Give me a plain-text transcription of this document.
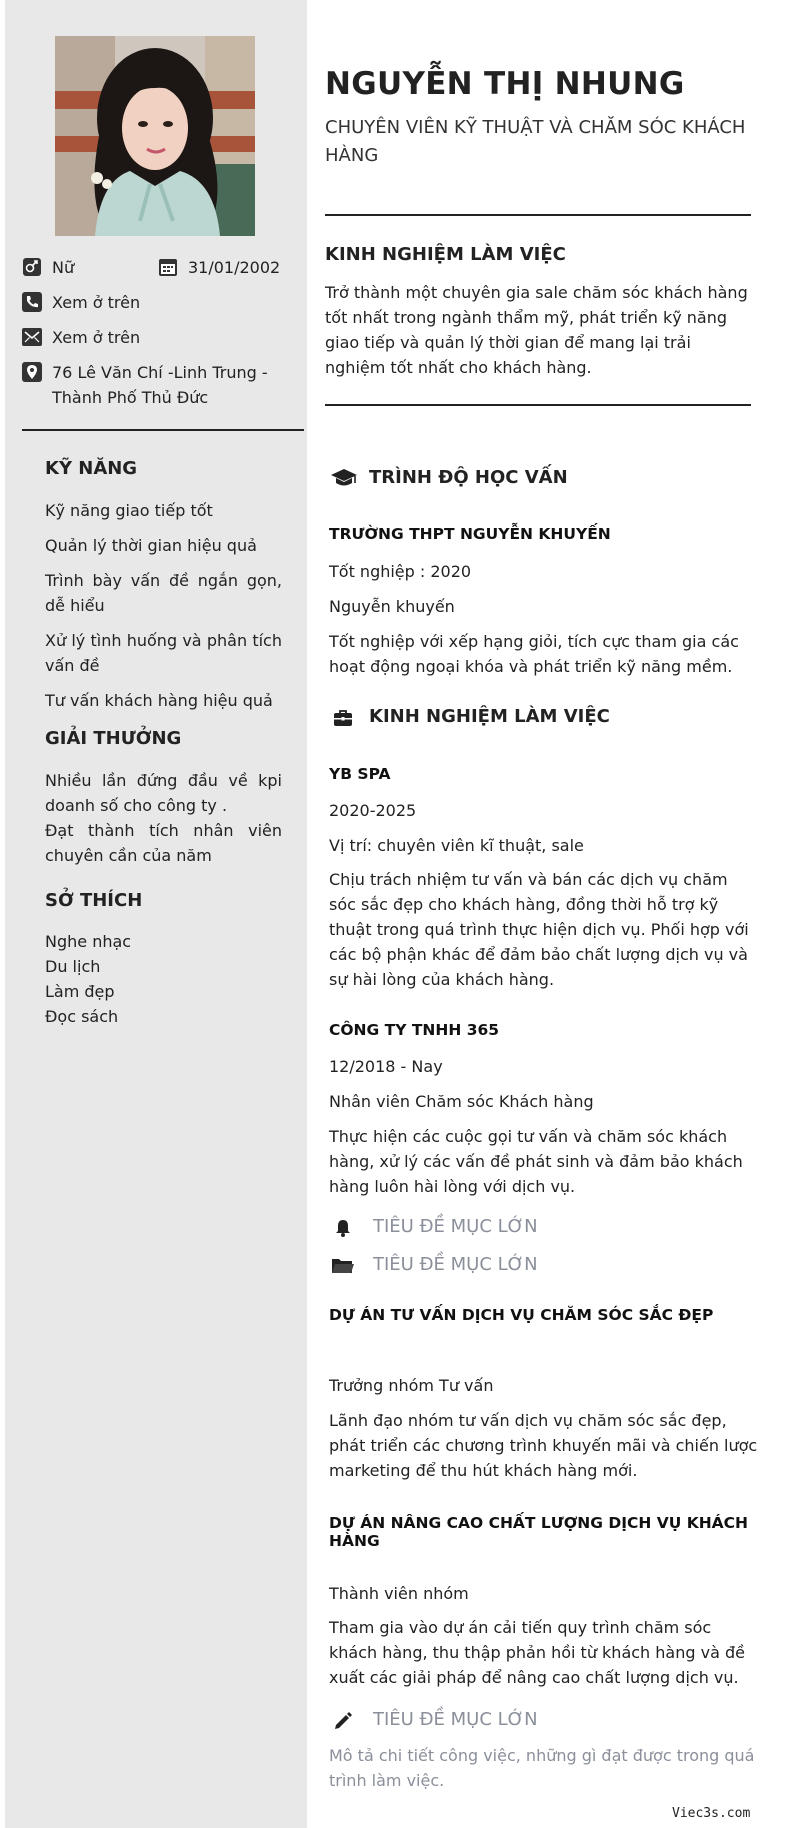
Nữ	31/01/2002
Xem ở trên
Xem ở trên
76 Lê Văn Chí -Linh Trung - Thành Phố Thủ Đức
KỸ NĂNG
Kỹ năng giao tiếp tốt
Quản lý thời gian hiệu quả
Trình bày vấn đề ngắn gọn, dễ hiểu
Xử lý tình huống và phân tích vấn đề
Tư vấn khách hàng hiệu quả
GIẢI THƯỞNG
Nhiều lần đứng đầu về kpi doanh số cho công ty .
Đạt thành tích nhân viên chuyên cần của năm
SỞ THÍCH
Nghe nhạc
Du lịch
Làm đẹp
Đọc sách
NGUYỄN THỊ NHUNG
CHUYÊN VIÊN KỸ THUẬT VÀ CHĂM SÓC KHÁCH HÀNG
KINH NGHIỆM LÀM VIỆC
Trở thành một chuyên gia sale chăm sóc khách hàng tốt nhất trong ngành thẩm mỹ, phát triển kỹ năng giao tiếp và quản lý thời gian để mang lại trải nghiệm tốt nhất cho khách hàng.
TRÌNH ĐỘ HỌC VẤN
TRƯỜNG THPT NGUYỄN KHUYẾN
Tốt nghiệp : 2020
Nguyễn khuyến
Tốt nghiệp với xếp hạng giỏi, tích cực tham gia các hoạt động ngoại khóa và phát triển kỹ năng mềm.
KINH NGHIỆM LÀM VIỆC
YB SPA
2020-2025
Vị trí: chuyên viên kĩ thuật, sale
Chịu trách nhiệm tư vấn và bán các dịch vụ chăm sóc sắc đẹp cho khách hàng, đồng thời hỗ trợ kỹ thuật trong quá trình thực hiện dịch vụ. Phối hợp với các bộ phận khác để đảm bảo chất lượng dịch vụ và sự hài lòng của khách hàng.
CÔNG TY TNHH 365
12/2018 - Nay
Nhân viên Chăm sóc Khách hàng
Thực hiện các cuộc gọi tư vấn và chăm sóc khách hàng, xử lý các vấn đề phát sinh và đảm bảo khách hàng luôn hài lòng với dịch vụ.
TIÊU ĐỀ MỤC LỚN
TIÊU ĐỀ MỤC LỚN
DỰ ÁN TƯ VẤN DỊCH VỤ CHĂM SÓC SẮC ĐẸP
Trưởng nhóm Tư vấn
Lãnh đạo nhóm tư vấn dịch vụ chăm sóc sắc đẹp, phát triển các chương trình khuyến mãi và chiến lược marketing để thu hút khách hàng mới.
DỰ ÁN NÂNG CAO CHẤT LƯỢNG DỊCH VỤ KHÁCH HÀNG
Thành viên nhóm
Tham gia vào dự án cải tiến quy trình chăm sóc khách hàng, thu thập phản hồi từ khách hàng và đề xuất các giải pháp để nâng cao chất lượng dịch vụ.
TIÊU ĐỀ MỤC LỚN
Mô tả chi tiết công việc, những gì đạt được trong quá trình làm việc.
Viec3s.com
